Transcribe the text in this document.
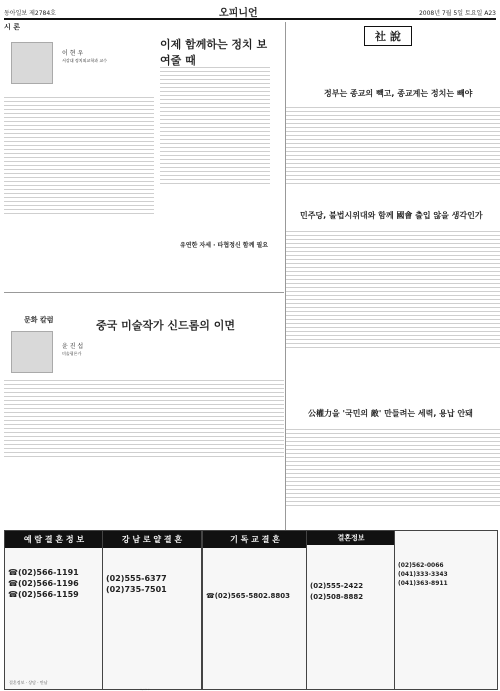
동아일보 제2784호	오피니언	2008년 7월 5일 토요일 A23
시 론
이 현 우
서강대 정치외교학과 교수
이제 함께하는 정치 보여줄 때
유연한 자세 · 타협정신 함께 필요
社 說
정부는 종교의 빽고, 종교계는 정치는 빼야
민주당, 불법시위대와 함께 國會 출입 않을 생각인가
公權力을 '국민의 敵' 만들려는 세력, 용납 안돼
문화 칼럼
윤 진 섭
미술평론가
중국 미술작가 신드롬의 이면
예 람 결 혼 정 보
☎(02)566-1191
☎(02)566-1196
☎(02)566-1159
결혼정보 · 상담 · 만남
강 남 로 얄 결 혼
(02)555-6377
(02)735-7501
기 독 교 결 혼
☎(02)565-5802.8803
결혼정보
(02)555-2422
(02)508-8882
(02)562-0066
(041)333-3343
(041)363-8911
